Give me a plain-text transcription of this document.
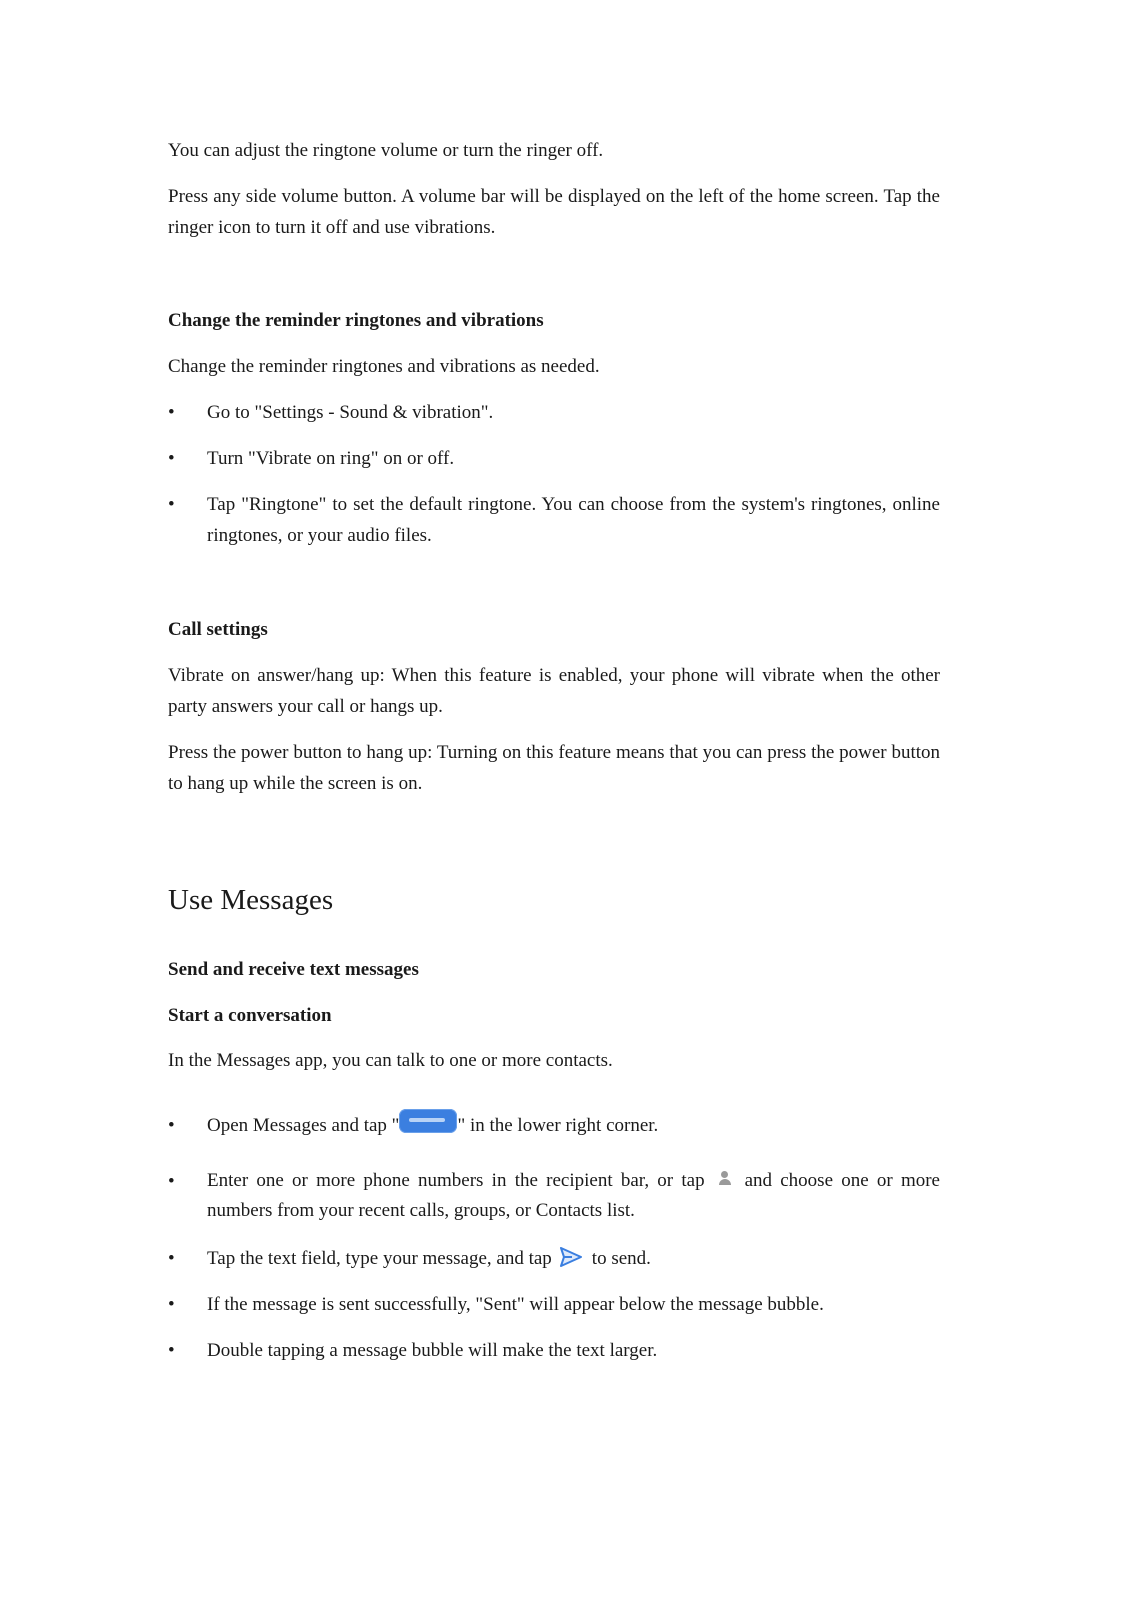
You can adjust the ringtone volume or turn the ringer off.

Press any side volume button. A volume bar will be displayed on the left of the home screen. Tap the ringer icon to turn it off and use vibrations.

Change the reminder ringtones and vibrations

Change the reminder ringtones and vibrations as needed.

•	Go to "Settings - Sound & vibration".
•	Turn "Vibrate on ring" on or off.
•	Tap "Ringtone" to set the default ringtone. You can choose from the system's ringtones, online ringtones, or your audio files.
Call settings

Vibrate on answer/hang up: When this feature is enabled, your phone will vibrate when the other party answers your call or hangs up.

Press the power button to hang up: Turning on this feature means that you can press the power button to hang up while the screen is on.

Use Messages
Send and receive text messages
Start a conversation

In the Messages app, you can talk to one or more contacts.

•	Open Messages and tap "	" in the lower right corner.
•	Enter one or more phone numbers in the recipient bar, or tap and choose one or more numbers from your recent calls, groups, or Contacts list.
•	Tap the text field, type your message, and tap to send.
•	If the message is sent successfully, "Sent" will appear below the message bubble.
•	Double tapping a message bubble will make the text larger.
